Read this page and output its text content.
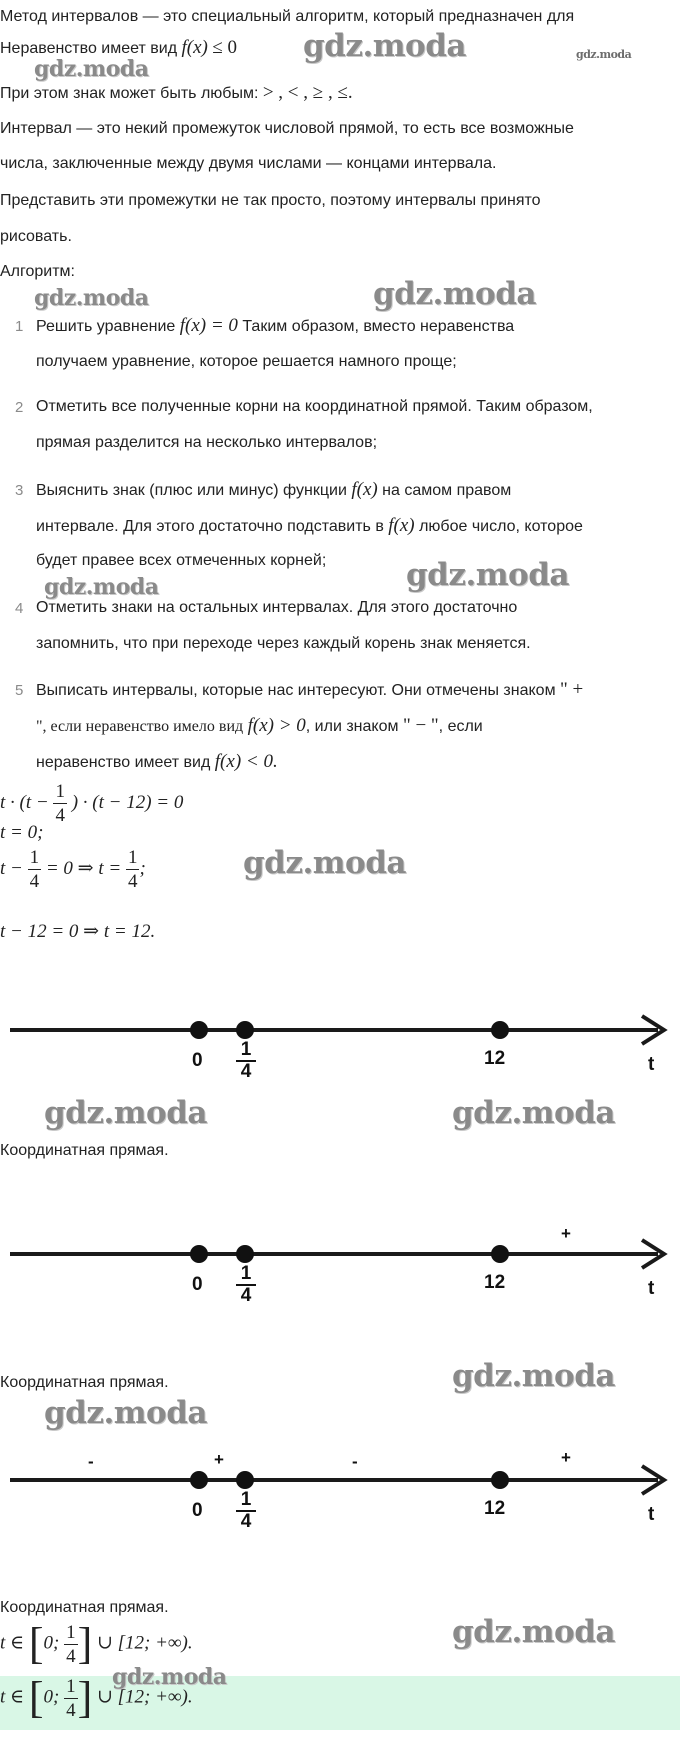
Метод интервалов — это специальный алгоритм, который предназначен для
Неравенство имеет вид f(x) ≤ 0 gdz.moda	gdz.moda
gdz.moda
При этом знак может быть любым: > , < , ≥ , ≤.
Интервал — это некий промежуток числовой прямой, то есть все возможные
числа, заключенные между двумя числами — концами интервала.
Представить эти промежутки не так просто, поэтому интервалы принято
рисовать.
Алгоритм:
gdz.moda	gdz.moda
1 Решить уравнение f(x) = 0 Таким образом, вместо неравенства
получаем уравнение, которое решается намного проще;
2 Отметить все полученные корни на координатной прямой. Таким образом,
прямая разделится на несколько интервалов;
3 Выяснить знак (плюс или минус) функции f(x) на самом правом
интервале. Для этого достаточно подставить в f(x) любое число, которое
будет правее всех отмеченных корней;
gdz.moda	gdz.moda
4 Отметить знаки на остальных интервалах. Для этого достаточно
запомнить, что при переходе через каждый корень знак меняется.
5 Выписать интервалы, которые нас интересуют. Они отмечены знаком " +
", если неравенство имело вид f(x) > 0, или знаком " − ", если
неравенство имеет вид f(x) < 0.
$t \cdot (t - \frac{1}{4}$ ) · (t − 12) = 0
t = 0;
$t - \frac{1}{4} = 0$ ⇒ $t = \frac{1}{4}$ ;	gdz.moda
t − 12 = 0 ⇒ t = 12.
$0 \frac{1}{4}$	12	t
gdz.moda	gdz.moda
Координатная прямая.
+
$0 \frac{1}{4}$	12	t
Координатная прямая.	gdz.moda
gdz.moda
-	+	-	+
$0 \frac{1}{4}$	12	t
Координатная прямая.
t ∈ [0; $\frac{1}{4}$ ] ∪ [12; +∞).	gdz.moda
gdz.moda
t ∈ [0; $\frac{1}{4}$ ] ∪ [12; +∞).
